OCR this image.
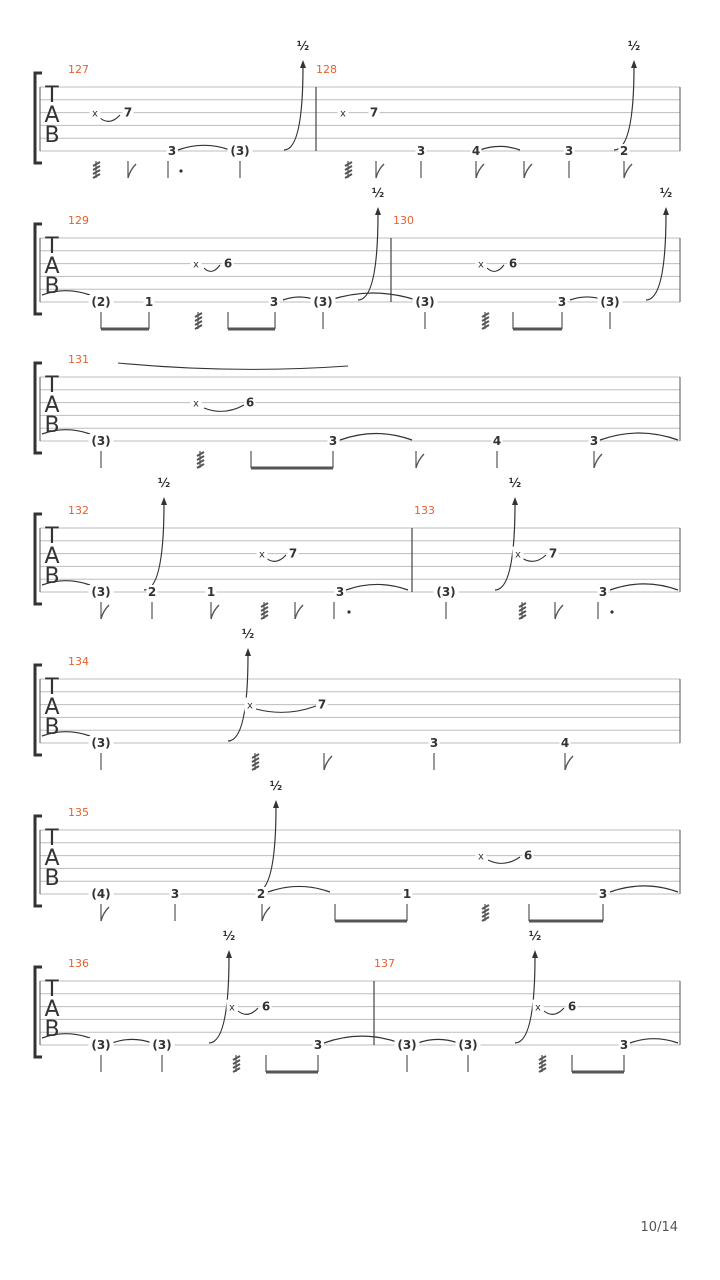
T
A
B
127	128
½	½
x 7
3	(3)
x 7
3	4	3	2
T
A
B
129	130
½	½
(2)	1
x 6
3	(3)	(3)
x 6
3	(3)
T
A
B
131
(3)
x	6
3	4	3
T
A
B
132	133
½	½
(3)	2	1
x 7
3	(3)
x 7
3
T
A
B
134
½
(3)
x	7
3	4
T
A
B
135
½
(4)	3	2	1
x	6
3
T
A
B
136	137
½	½
(3)	(3)
x 6
3	(3)	(3)
x 6
3
10/14
